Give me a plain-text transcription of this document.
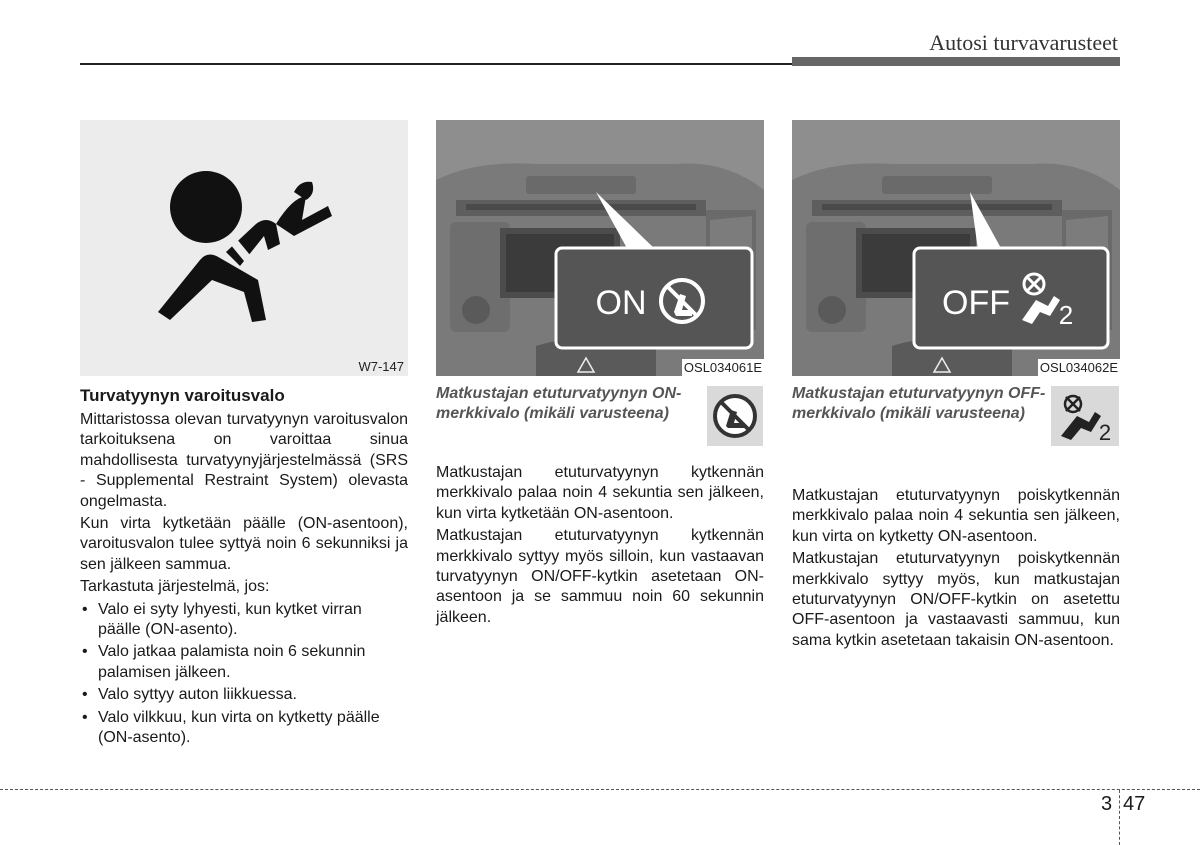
Autosi turvavarusteet
W7-147
ON
OSL034061E
OFF 2
OSL034062E
Turvatyynyn varoitusvalo

Mittaristossa olevan turvatyynyn varoitusvalon tarkoituksena on varoittaa sinua mahdollisesta turvatyynyjärjestelmässä (SRS - Supplemental Restraint System) olevasta ongelmasta.

Kun virta kytketään päälle (ON-asentoon), varoitusvalon tulee syttyä noin 6 sekunniksi ja sen jälkeen sammua.

Tarkastuta järjestelmä, jos:

• Valo ei syty lyhyesti, kun kytket virran päälle (ON-asento).
• Valo jatkaa palamista noin 6 sekunnin palamisen jälkeen.
• Valo syttyy auton liikkuessa.
• Valo vilkkuu, kun virta on kytketty päälle (ON-asento).
Matkustajan etuturvatyynyn ON-merkkivalo (mikäli varusteena)

Matkustajan etuturvatyynyn kytkennän merkkivalo palaa noin 4 sekuntia sen jälkeen, kun virta kytketään ON-asentoon.

Matkustajan etuturvatyynyn kytkennän merkkivalo syttyy myös silloin, kun vastaavan turvatyynyn ON/OFF-kytkin asetetaan ON-asentoon ja se sammuu noin 60 sekunnin jälkeen.

Matkustajan etuturvatyynyn OFF-merkkivalo (mikäli varusteena)
2

Matkustajan etuturvatyynyn poiskytkennän merkkivalo palaa noin 4 sekuntia sen jälkeen, kun virta on kytketty ON-asentoon.

Matkustajan etuturvatyynyn poiskytkennän merkkivalo syttyy myös, kun matkustajan etuturvatyynyn ON/OFF-kytkin on asetettu OFF-asentoon ja vastaavasti sammuu, kun sama kytkin asetetaan takaisin ON-asentoon.

3 47
